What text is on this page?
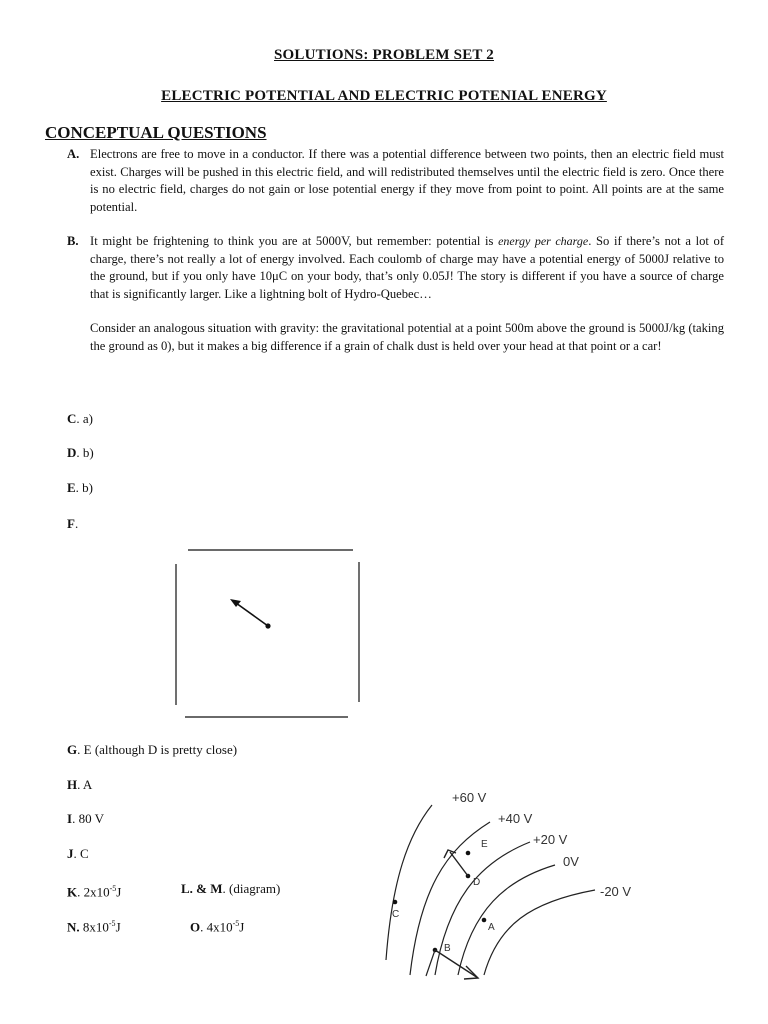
SOLUTIONS: PROBLEM SET 2
ELECTRIC POTENTIAL AND ELECTRIC POTENIAL ENERGY
CONCEPTUAL QUESTIONS
A. Electrons are free to move in a conductor. If there was a potential difference between two points, then an electric field must exist. Charges will be pushed in this electric field, and will redistributed themselves until the electric field is zero. Once there is no electric field, charges do not gain or lose potential energy if they move from point to point. All points are at the same potential.
B. It might be frightening to think you are at 5000V, but remember: potential is energy per charge. So if there’s not a lot of charge, there’s not really a lot of energy involved. Each coulomb of charge may have a potential energy of 5000J relative to the ground, but if you only have 10μC on your body, that’s only 0.05J! The story is different if you have a source of charge that is significantly larger. Like a lightning bolt of Hydro-Quebec…
Consider an analogous situation with gravity: the gravitational potential at a point 500m above the ground is 5000J/kg (taking the ground as 0), but it makes a big difference if a grain of chalk dust is held over your head at that point or a car!
C. a)
D. b)
E. b)
F.
G. E (although D is pretty close)
H. A
I. 80 V
J. C
K. $2x10^{-5}J$	L. & M. (diagram)
N. $8x10^{-5}J$	O. $4x10^{-5}J$
+60 V
+40 V
+20 V
0V
-20 V
C
E
D
A
B
